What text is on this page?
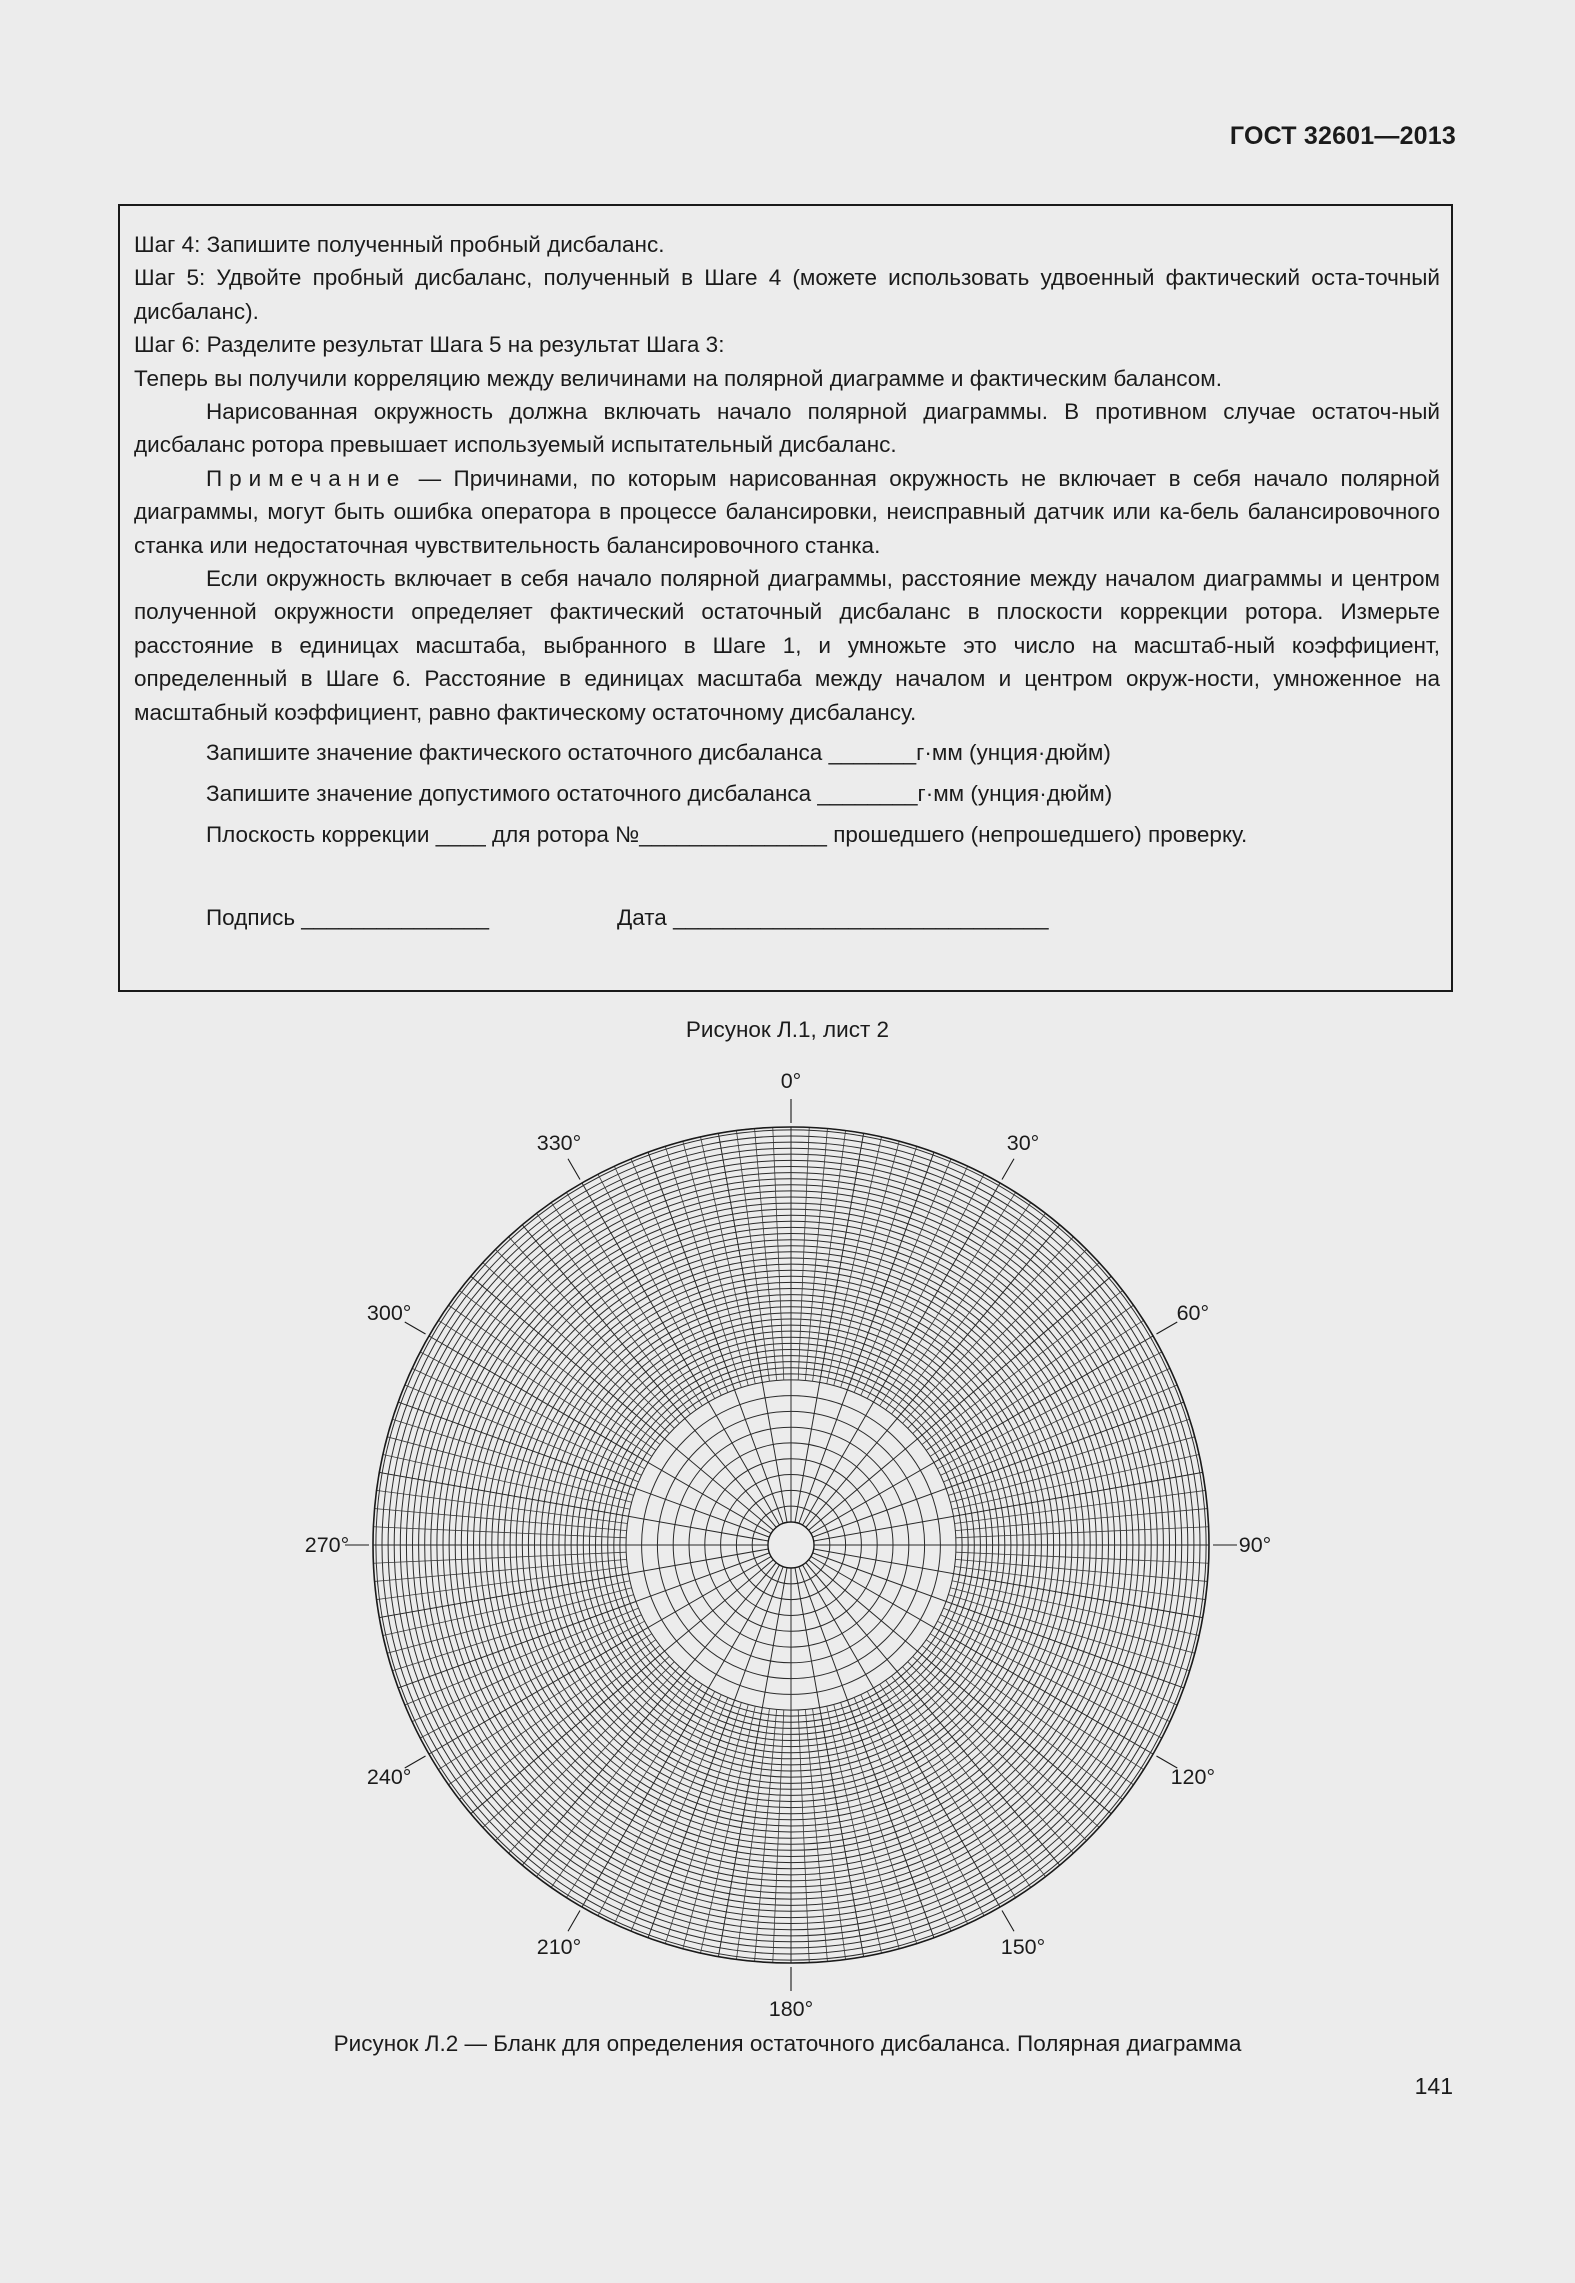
ГОСТ 32601—2013

Шаг 4: Запишите полученный пробный дисбаланс.

Шаг 5: Удвойте пробный дисбаланс, полученный в Шаге 4 (можете использовать удвоенный фактический оста-точный дисбаланс).

Шаг 6: Разделите результат Шага 5 на результат Шага 3:

Теперь вы получили корреляцию между величинами на полярной диаграмме и фактическим балансом.

Нарисованная окружность должна включать начало полярной диаграммы. В противном случае остаточ-ный дисбаланс ротора превышает используемый испытательный дисбаланс.

Примечание — Причинами, по которым нарисованная окружность не включает в себя начало полярной диаграммы, могут быть ошибка оператора в процессе балансировки, неисправный датчик или ка-бель балансировочного станка или недостаточная чувствительность балансировочного станка.

Если окружность включает в себя начало полярной диаграммы, расстояние между началом диаграммы и центром полученной окружности определяет фактический остаточный дисбаланс в плоскости коррекции ротора. Измерьте расстояние в единицах масштаба, выбранного в Шаге 1, и умножьте это число на масштаб-ный коэффициент, определенный в Шаге 6. Расстояние в единицах масштаба между началом и центром окруж-ности, умноженное на масштабный коэффициент, равно фактическому остаточному дисбалансу.

Запишите значение фактического остаточного дисбаланса _______г·мм (унция·дюйм)
Запишите значение допустимого остаточного дисбаланса ________г·мм (унция·дюйм)
Плоскость коррекции ____ для ротора №_______________ прошедшего (непрошедшего) проверку.
Подпись _______________	Дата ______________________________
Рисунок Л.1, лист 2
0°
30°
60°
90°
120°
150°
180°
210°
240°
270°
300°
330°
Рисунок Л.2 — Бланк для определения остаточного дисбаланса. Полярная диаграмма
141
